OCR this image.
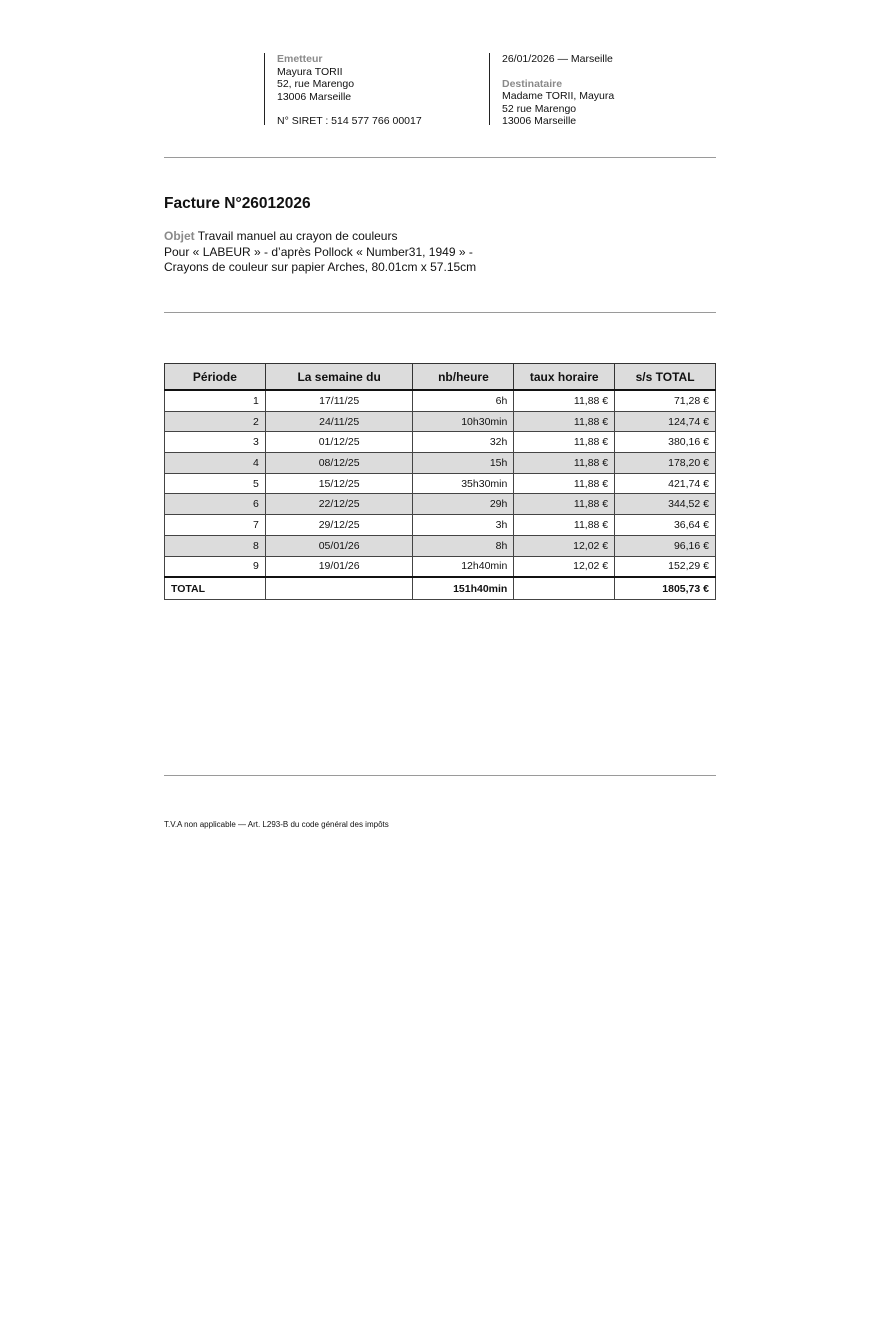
Emetteur
Mayura TORII
52, rue Marengo
13006 Marseille
N° SIRET : 514 577 766 00017
26/01/2026 — Marseille
Destinataire
Madame TORII, Mayura
52 rue Marengo
13006 Marseille
Facture N°26012026
Objet Travail manuel au crayon de couleurs
Pour « LABEUR » - d’après Pollock « Number31, 1949 » -
Crayons de couleur sur papier Arches, 80.01cm x 57.15cm
Période	La semaine du	nb/heure	taux horaire	s/s TOTAL
1	17/11/25	6h	11,88 €	71,28 €
2	24/11/25	10h30min	11,88 €	124,74 €
3	01/12/25	32h	11,88 €	380,16 €
4	08/12/25	15h	11,88 €	178,20 €
5	15/12/25	35h30min	11,88 €	421,74 €
6	22/12/25	29h	11,88 €	344,52 €
7	29/12/25	3h	11,88 €	36,64 €
8	05/01/26	8h	12,02 €	96,16 €
9	19/01/26	12h40min	12,02 €	152,29 €
TOTAL		151h40min		1805,73 €
T.V.A non applicable — Art. L293-B du code général des impôts
